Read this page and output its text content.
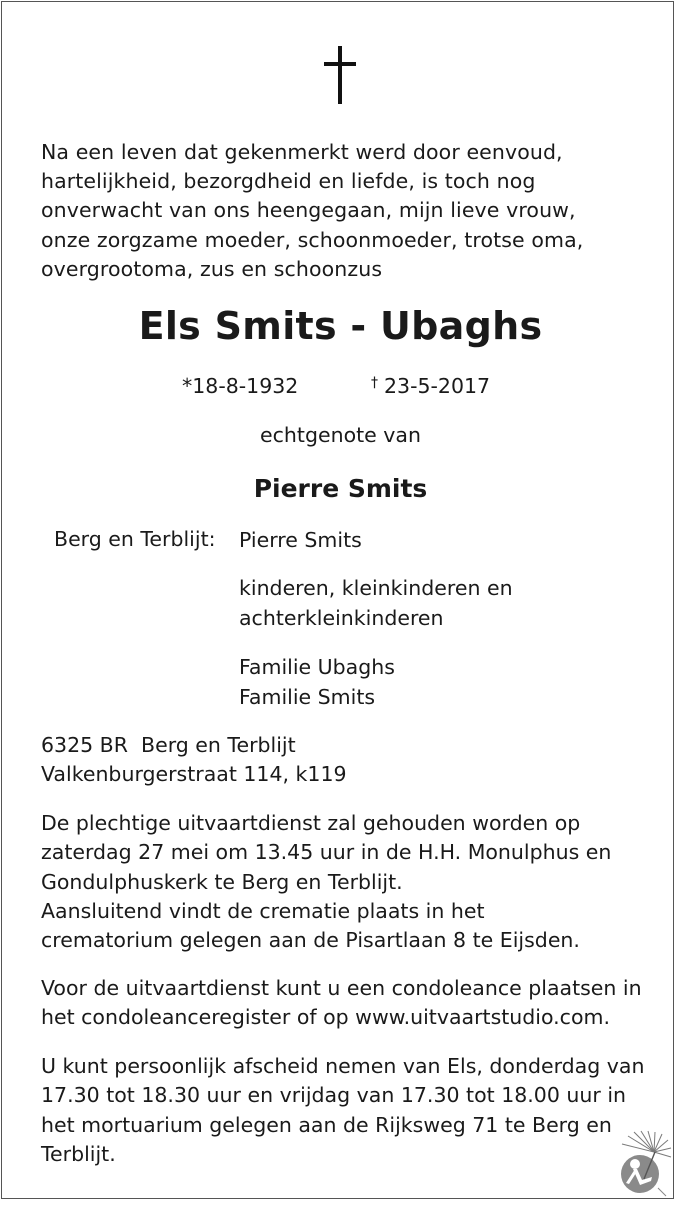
Na een leven dat gekenmerkt werd door eenvoud,
hartelijkheid, bezorgdheid en liefde, is toch nog
onverwacht van ons heengegaan, mijn lieve vrouw,
onze zorgzame moeder, schoonmoeder, trotse oma,
overgrootoma, zus en schoonzus
Els Smits - Ubaghs
*18-8-1932	† 23-5-2017
echtgenote van
Pierre Smits
Berg en Terblijt: Pierre Smits
kinderen, kleinkinderen en
achterkleinkinderen
Familie Ubaghs
Familie Smits
6325 BR  Berg en Terblijt
Valkenburgerstraat 114, k119
De plechtige uitvaartdienst zal gehouden worden op
zaterdag 27 mei om 13.45 uur in de H.H. Monulphus en
Gondulphuskerk te Berg en Terblijt.
Aansluitend vindt de crematie plaats in het
crematorium gelegen aan de Pisartlaan 8 te Eijsden.
Voor de uitvaartdienst kunt u een condoleance plaatsen in
het condoleanceregister of op www.uitvaartstudio.com.
U kunt persoonlijk afscheid nemen van Els, donderdag van
17.30 tot 18.30 uur en vrijdag van 17.30 tot 18.00 uur in
het mortuarium gelegen aan de Rijksweg 71 te Berg en
Terblijt.
